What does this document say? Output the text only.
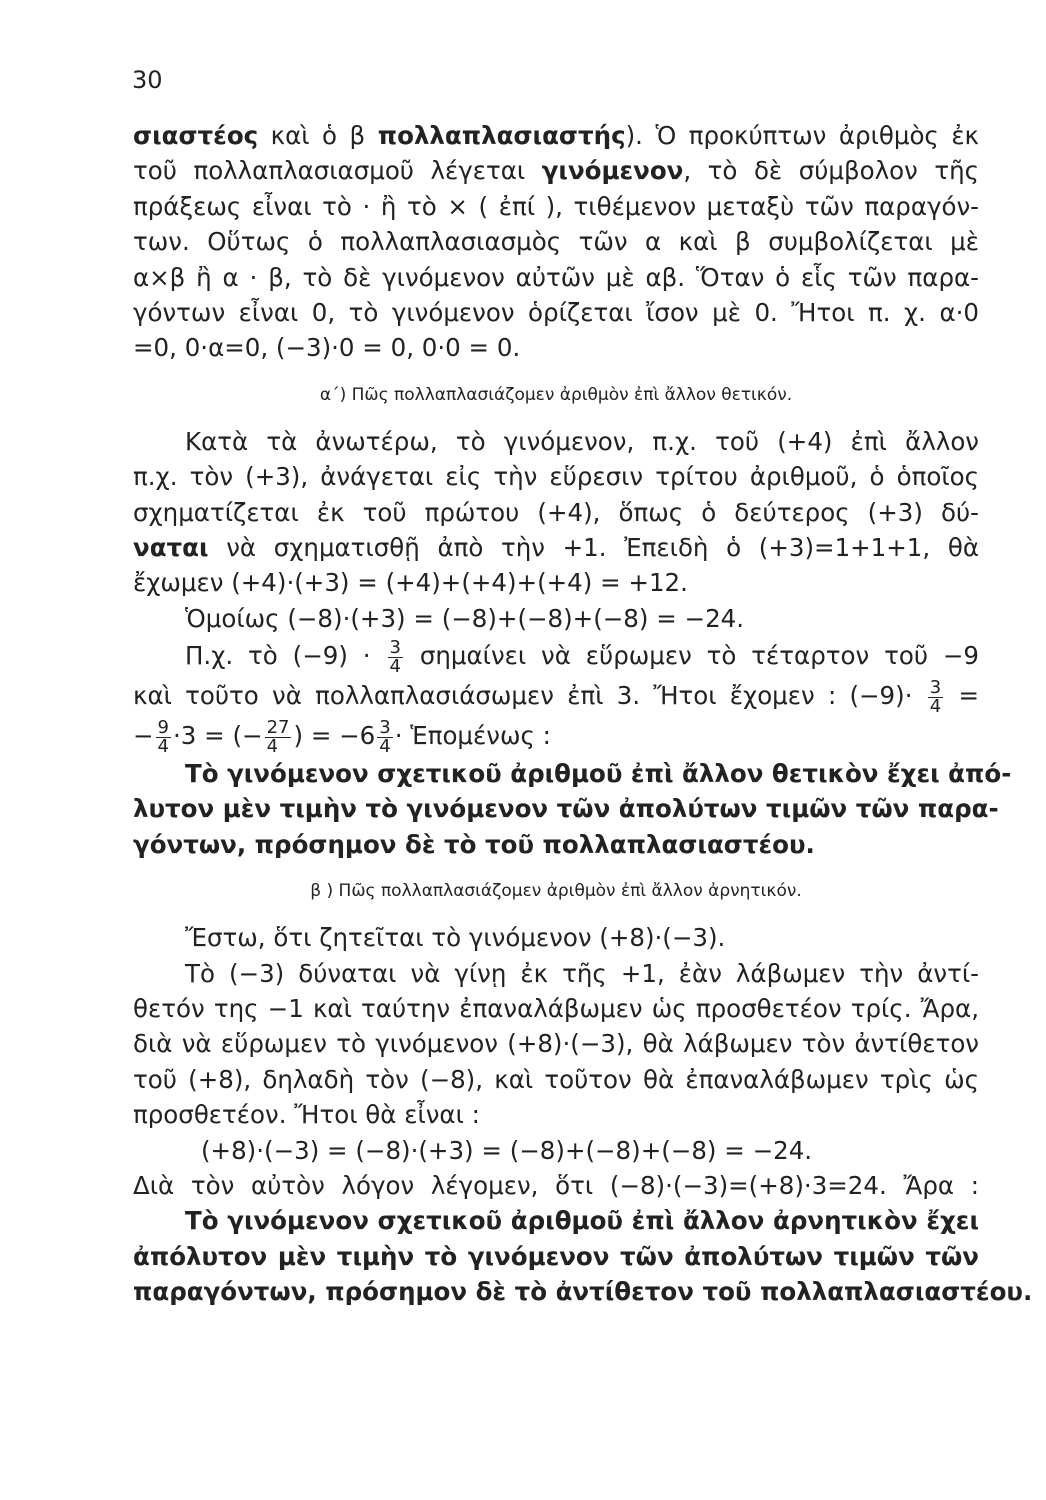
30
σιαστέος καὶ ὁ β πολλαπλασιαστής). Ὁ προκύπτων ἀριθμὸς ἐκ
τοῦ πολλαπλασιασμοῦ λέγεται γινόμενον, τὸ δὲ σύμβολον τῆς
πράξεως εἶναι τὸ · ἢ τὸ × ( ἐπί ), τιθέμενον μεταξὺ τῶν παραγόν-
των. Οὕτως ὁ πολλαπλασιασμὸς τῶν α καὶ β συμβολίζεται μὲ
α×β ἢ α · β, τὸ δὲ γινόμενον αὐτῶν μὲ αβ. Ὅταν ὁ εἷς τῶν παρα-
γόντων εἶναι 0, τὸ γινόμενον ὁρίζεται ἴσον μὲ 0. Ἤτοι π. χ. α·0
=0, 0·α=0, (−3)·0 = 0, 0·0 = 0.
α΄) Πῶς πολλαπλασιάζομεν ἀριθμὸν ἐπὶ ἄλλον θετικόν.
Κατὰ τὰ ἀνωτέρω, τὸ γινόμενον, π.χ. τοῦ (+4) ἐπὶ ἄλλον
π.χ. τὸν (+3), ἀνάγεται εἰς τὴν εὕρεσιν τρίτου ἀριθμοῦ, ὁ ὁποῖος
σχηματίζεται ἐκ τοῦ πρώτου (+4), ὅπως ὁ δεύτερος (+3) δύ-
ναται νὰ σχηματισθῇ ἀπὸ τὴν +1. Ἐπειδὴ ὁ (+3)=1+1+1, θὰ
ἔχωμεν (+4)·(+3) = (+4)+(+4)+(+4) = +12.
Ὁμοίως (−8)·(+3) = (−8)+(−8)+(−8) = −24.
Π.χ. τὸ $(-9) \cdot \frac{3}{4}$ σημαίνει νὰ εὕρωμεν τὸ τέταρτον τοῦ −9
καὶ τοῦτο νὰ πολλαπλασιάσωμεν ἐπὶ 3. Ἤτοι ἔχομεν : $(-9)\cdot \frac{3}{4}$ =
− $\frac{9}{4} \cdot 3$ = (− $\frac{27}{4}$ ) = $-6 \frac{3}{4}$ · Ἑπομένως :
Τὸ γινόμενον σχετικοῦ ἀριθμοῦ ἐπὶ ἄλλον θετικὸν ἔχει ἀπό-
λυτον μὲν τιμὴν τὸ γινόμενον τῶν ἀπολύτων τιμῶν τῶν παρα-
γόντων, πρόσημον δὲ τὸ τοῦ πολλαπλασιαστέου.
β ) Πῶς πολλαπλασιάζομεν ἀριθμὸν ἐπὶ ἄλλον ἀρνητικόν.
Ἔστω, ὅτι ζητεῖται τὸ γινόμενον (+8)·(−3).
Τὸ (−3) δύναται νὰ γίνῃ ἐκ τῆς +1, ἐὰν λάβωμεν τὴν ἀντί-
θετόν της −1 καὶ ταύτην ἐπαναλάβωμεν ὡς προσθετέον τρίς. Ἄρα,
διὰ νὰ εὕρωμεν τὸ γινόμενον (+8)·(−3), θὰ λάβωμεν τὸν ἀντίθετον
τοῦ (+8), δηλαδὴ τὸν (−8), καὶ τοῦτον θὰ ἐπαναλάβωμεν τρὶς ὡς
προσθετέον. Ἤτοι θὰ εἶναι :
(+8)·(−3) = (−8)·(+3) = (−8)+(−8)+(−8) = −24.
Διὰ τὸν αὐτὸν λόγον λέγομεν, ὅτι (−8)·(−3)=(+8)·3=24. Ἄρα :
Τὸ γινόμενον σχετικοῦ ἀριθμοῦ ἐπὶ ἄλλον ἀρνητικὸν ἔχει
ἀπόλυτον μὲν τιμὴν τὸ γινόμενον τῶν ἀπολύτων τιμῶν τῶν
παραγόντων, πρόσημον δὲ τὸ ἀντίθετον τοῦ πολλαπλασιαστέου.
